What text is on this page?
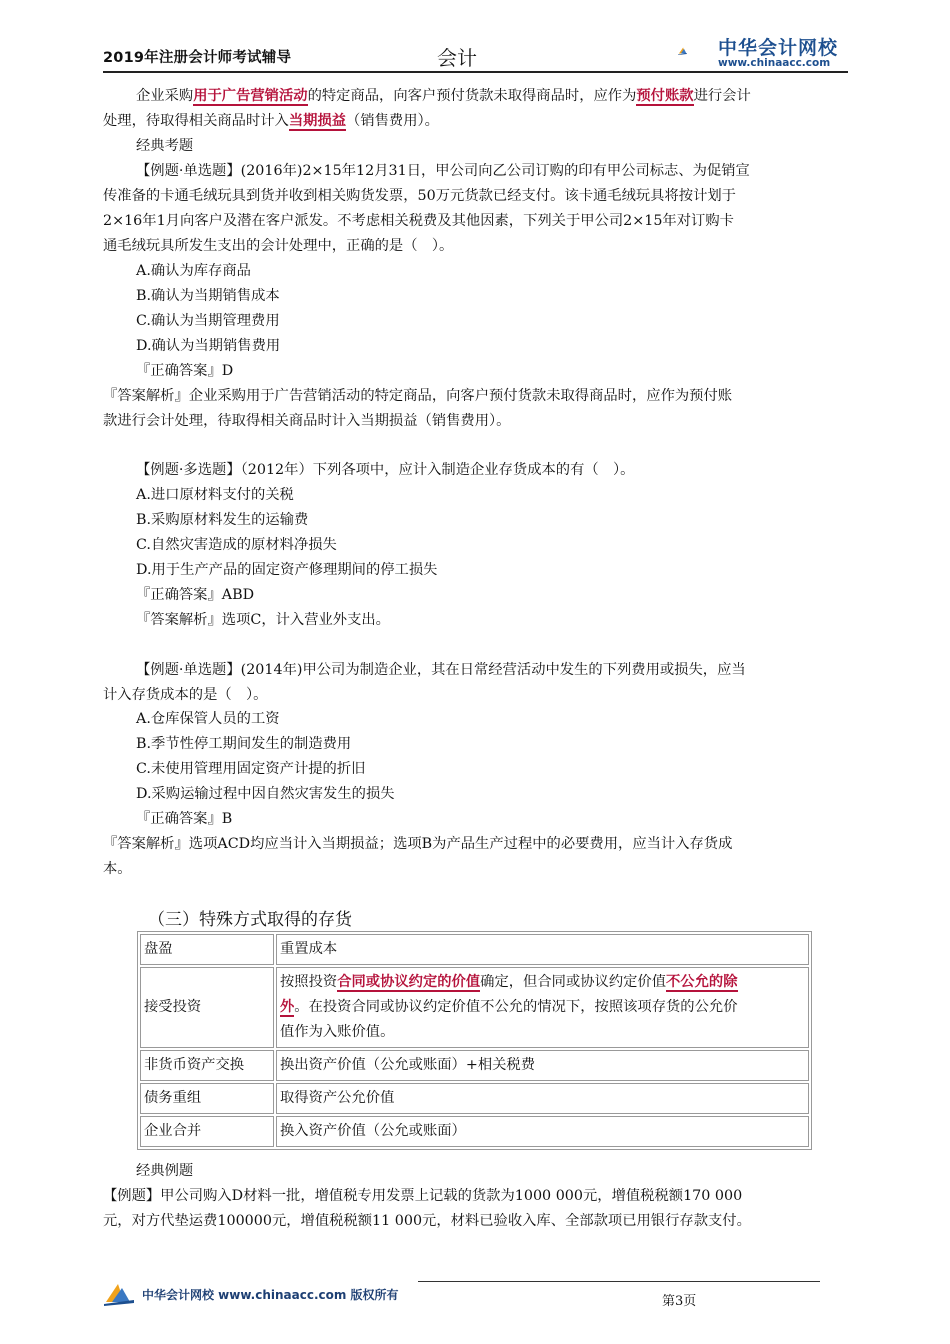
2019年注册会计师考试辅导	会计	中华会计网校
www.chinaacc.com
企业采购用于广告营销活动的特定商品，向客户预付货款未取得商品时，应作为预付账款进行会计
处理，待取得相关商品时计入当期损益（销售费用）。
经典考题
【例题·单选题】(2016年)2×15年12月31日，甲公司向乙公司订购的印有甲公司标志、为促销宣
传准备的卡通毛绒玩具到货并收到相关购货发票，50万元货款已经支付。该卡通毛绒玩具将按计划于
2×16年1月向客户及潜在客户派发。不考虑相关税费及其他因素，下列关于甲公司2×15年对订购卡
通毛绒玩具所发生支出的会计处理中，正确的是（　）。
A.确认为库存商品
B.确认为当期销售成本
C.确认为当期管理费用
D.确认为当期销售费用
『正确答案』D
『答案解析』企业采购用于广告营销活动的特定商品，向客户预付货款未取得商品时，应作为预付账
款进行会计处理，待取得相关商品时计入当期损益（销售费用）。
【例题·多选题】（2012年）下列各项中，应计入制造企业存货成本的有（　）。
A.进口原材料支付的关税
B.采购原材料发生的运输费
C.自然灾害造成的原材料净损失
D.用于生产产品的固定资产修理期间的停工损失
『正确答案』ABD
『答案解析』选项C，计入营业外支出。
【例题·单选题】(2014年)甲公司为制造企业，其在日常经营活动中发生的下列费用或损失，应当
计入存货成本的是（　）。
A.仓库保管人员的工资
B.季节性停工期间发生的制造费用
C.未使用管理用固定资产计提的折旧
D.采购运输过程中因自然灾害发生的损失
『正确答案』B
『答案解析』选项ACD均应当计入当期损益；选项B为产品生产过程中的必要费用，应当计入存货成
本。
（三）特殊方式取得的存货
盘盈	重置成本
接受投资	按照投资合同或协议约定的价值确定，但合同或协议约定价值不公允的除
外。在投资合同或协议约定价值不公允的情况下，按照该项存货的公允价
值作为入账价值。
非货币资产交换	换出资产价值（公允或账面）+相关税费
债务重组	取得资产公允价值
企业合并	换入资产价值（公允或账面）
经典例题
【例题】甲公司购入D材料一批，增值税专用发票上记载的货款为1000 000元，增值税税额170 000
元，对方代垫运费100000元，增值税税额11 000元，材料已验收入库、全部款项已用银行存款支付。
中华会计网校 www.chinaacc.com 版权所有	第3页
